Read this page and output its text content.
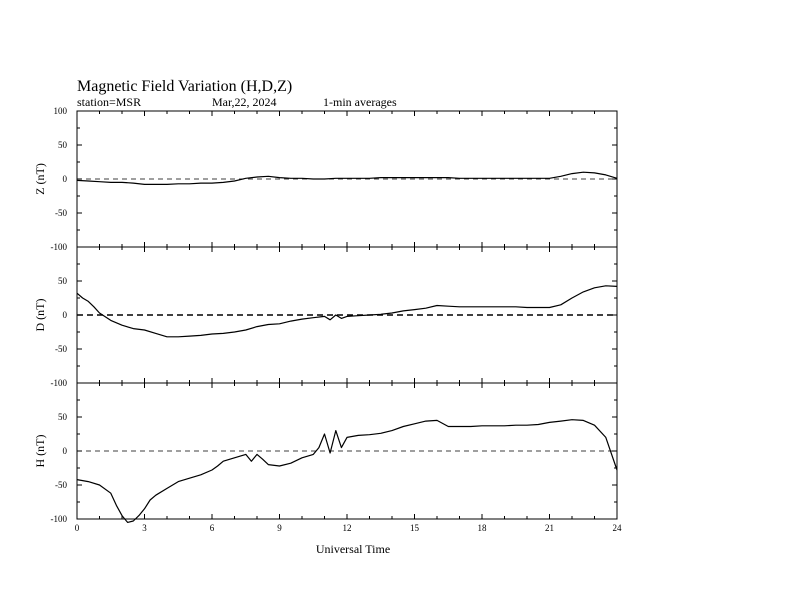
Magnetic Field Variation (H,D,Z)
station=MSR	Mar,22, 2024	1-min averages
100
50
0
-50
-100
Z (nT)
50
0
-50
-100
D (nT)
50
0
-50
-100
H (nT)
0	3	6	9	12	15	18	21	24
Universal Time
